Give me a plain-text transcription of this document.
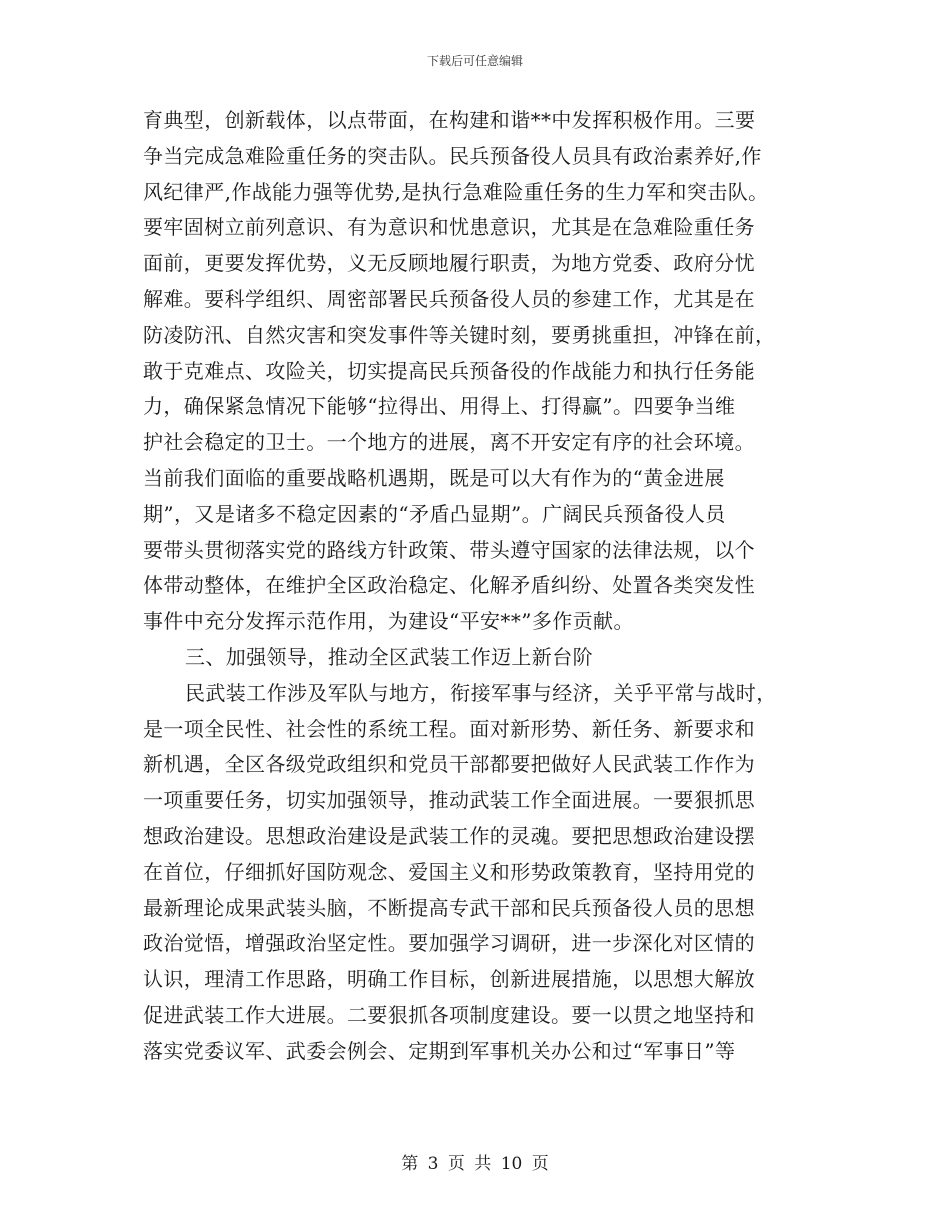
下载后可任意编辑
育典型，创新载体，以点带面，在构建和谐**中发挥积极作用。三要
争当完成急难险重任务的突击队。民兵预备役人员具有政治素养好,作
风纪律严,作战能力强等优势,是执行急难险重任务的生力军和突击队。
要牢固树立前列意识、有为意识和忧患意识，尤其是在急难险重任务
面前，更要发挥优势，义无反顾地履行职责，为地方党委、政府分忧
解难。要科学组织、周密部署民兵预备役人员的参建工作，尤其是在
防凌防汛、自然灾害和突发事件等关键时刻，要勇挑重担，冲锋在前，
敢于克难点、攻险关，切实提高民兵预备役的作战能力和执行任务能
力，确保紧急情况下能够“拉得出、用得上、打得赢”。四要争当维
护社会稳定的卫士。一个地方的进展，离不开安定有序的社会环境。
当前我们面临的重要战略机遇期，既是可以大有作为的“黄金进展
期”，又是诸多不稳定因素的“矛盾凸显期”。广阔民兵预备役人员
要带头贯彻落实党的路线方针政策、带头遵守国家的法律法规，以个
体带动整体，在维护全区政治稳定、化解矛盾纠纷、处置各类突发性
事件中充分发挥示范作用，为建设“平安**”多作贡献。
三、加强领导，推动全区武装工作迈上新台阶
民武装工作涉及军队与地方，衔接军事与经济，关乎平常与战时，
是一项全民性、社会性的系统工程。面对新形势、新任务、新要求和
新机遇，全区各级党政组织和党员干部都要把做好人民武装工作作为
一项重要任务，切实加强领导，推动武装工作全面进展。一要狠抓思
想政治建设。思想政治建设是武装工作的灵魂。要把思想政治建设摆
在首位，仔细抓好国防观念、爱国主义和形势政策教育，坚持用党的
最新理论成果武装头脑，不断提高专武干部和民兵预备役人员的思想
政治觉悟，增强政治坚定性。要加强学习调研，进一步深化对区情的
认识，理清工作思路，明确工作目标，创新进展措施，以思想大解放
促进武装工作大进展。二要狠抓各项制度建设。要一以贯之地坚持和
落实党委议军、武委会例会、定期到军事机关办公和过“军事日”等
第 3 页 共 10 页
